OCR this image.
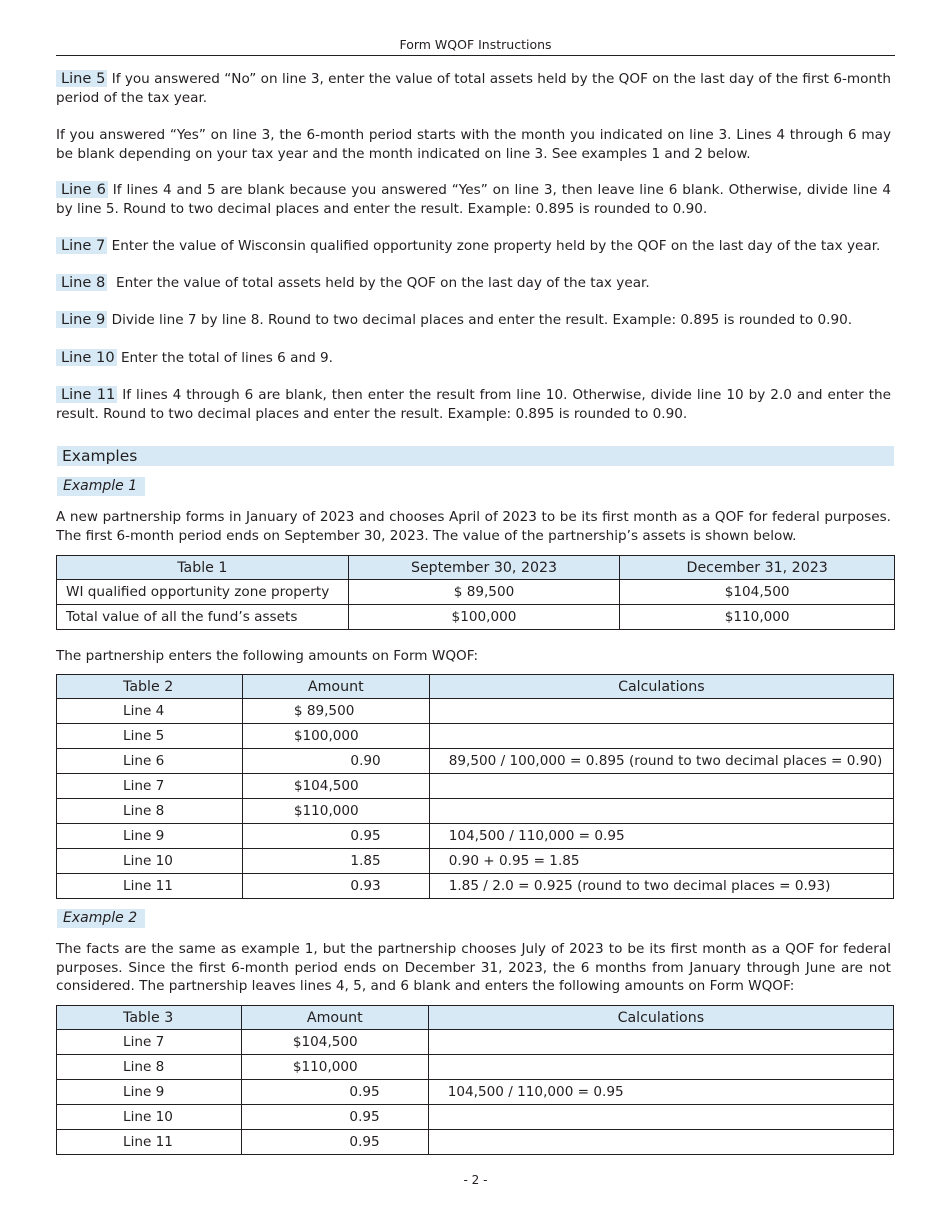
Form WQOF Instructions

Line 5 If you answered “No” on line 3, enter the value of total assets held by the QOF on the last day of the first 6-month period of the tax year.

If you answered “Yes” on line 3, the 6-month period starts with the month you indicated on line 3. Lines 4 through 6 may be blank depending on your tax year and the month indicated on line 3. See examples 1 and 2 below.

Line 6 If lines 4 and 5 are blank because you answered “Yes” on line 3, then leave line 6 blank. Otherwise, divide line 4 by line 5. Round to two decimal places and enter the result. Example: 0.895 is rounded to 0.90.

Line 7 Enter the value of Wisconsin qualified opportunity zone property held by the QOF on the last day of the tax year.

Line 8  Enter the value of total assets held by the QOF on the last day of the tax year.

Line 9 Divide line 7 by line 8. Round to two decimal places and enter the result. Example: 0.895 is rounded to 0.90.

Line 10 Enter the total of lines 6 and 9.

Line 11 If lines 4 through 6 are blank, then enter the result from line 10. Otherwise, divide line 10 by 2.0 and enter the result. Round to two decimal places and enter the result. Example: 0.895 is rounded to 0.90.

Examples
Example 1

A new partnership forms in January of 2023 and chooses April of 2023 to be its first month as a QOF for federal purposes. The first 6-month period ends on September 30, 2023. The value of the partnership’s assets is shown below.

Table 1	September 30, 2023	December 31, 2023
WI qualified opportunity zone property	$ 89,500	$104,500
Total value of all the fund’s assets	$100,000	$110,000

The partnership enters the following amounts on Form WQOF:

Table 2	Amount	Calculations
Line 4	$ 89,500	
Line 5	$100,000	
Line 6	0.90	89,500 / 100,000 = 0.895 (round to two decimal places = 0.90)
Line 7	$104,500	
Line 8	$110,000	
Line 9	0.95	104,500 / 110,000 = 0.95
Line 10	1.85	0.90 + 0.95 = 1.85
Line 11	0.93	1.85 / 2.0 = 0.925 (round to two decimal places = 0.93)
Example 2

The facts are the same as example 1, but the partnership chooses July of 2023 to be its first month as a QOF for federal purposes. Since the first 6-month period ends on December 31, 2023, the 6 months from January through June are not considered. The partnership leaves lines 4, 5, and 6 blank and enters the following amounts on Form WQOF:

Table 3	Amount	Calculations
Line 7	$104,500	
Line 8	$110,000	
Line 9	0.95	104,500 / 110,000 = 0.95
Line 10	0.95	
Line 11	0.95	
- 2 -
